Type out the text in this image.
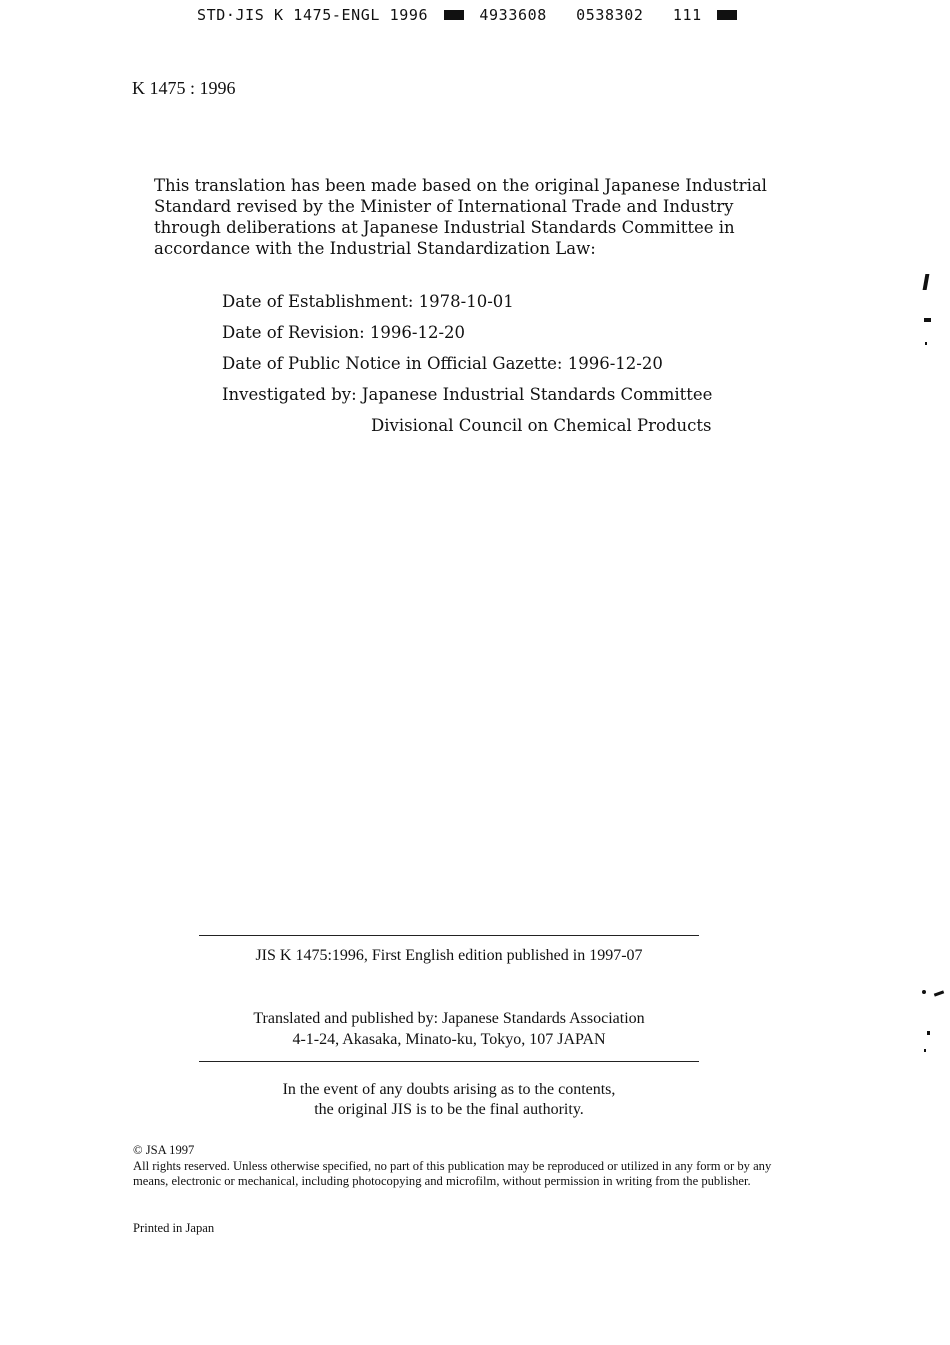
STD·JIS K 1475-ENGL 1996	4933608 0538302 111
K 1475 : 1996

This translation has been made based on the original Japanese Industrial Standard revised by the Minister of International Trade and Industry through deliberations at Japanese Industrial Standards Committee in accordance with the Industrial Standardization Law:

Date of Establishment: 1978-10-01
Date of Revision: 1996-12-20
Date of Public Notice in Official Gazette: 1996-12-20
Investigated by: Japanese Industrial Standards Committee
Divisional Council on Chemical Products
JIS K 1475:1996, First English edition published in 1997-07
Translated and published by: Japanese Standards Association
4-1-24, Akasaka, Minato-ku, Tokyo, 107 JAPAN
In the event of any doubts arising as to the contents,
the original JIS is to be the final authority.
© JSA 1997
All rights reserved. Unless otherwise specified, no part of this publication may be reproduced or utilized in any form or by any means, electronic or mechanical, including photocopying and microfilm, without permission in writing from the publisher.
Printed in Japan
